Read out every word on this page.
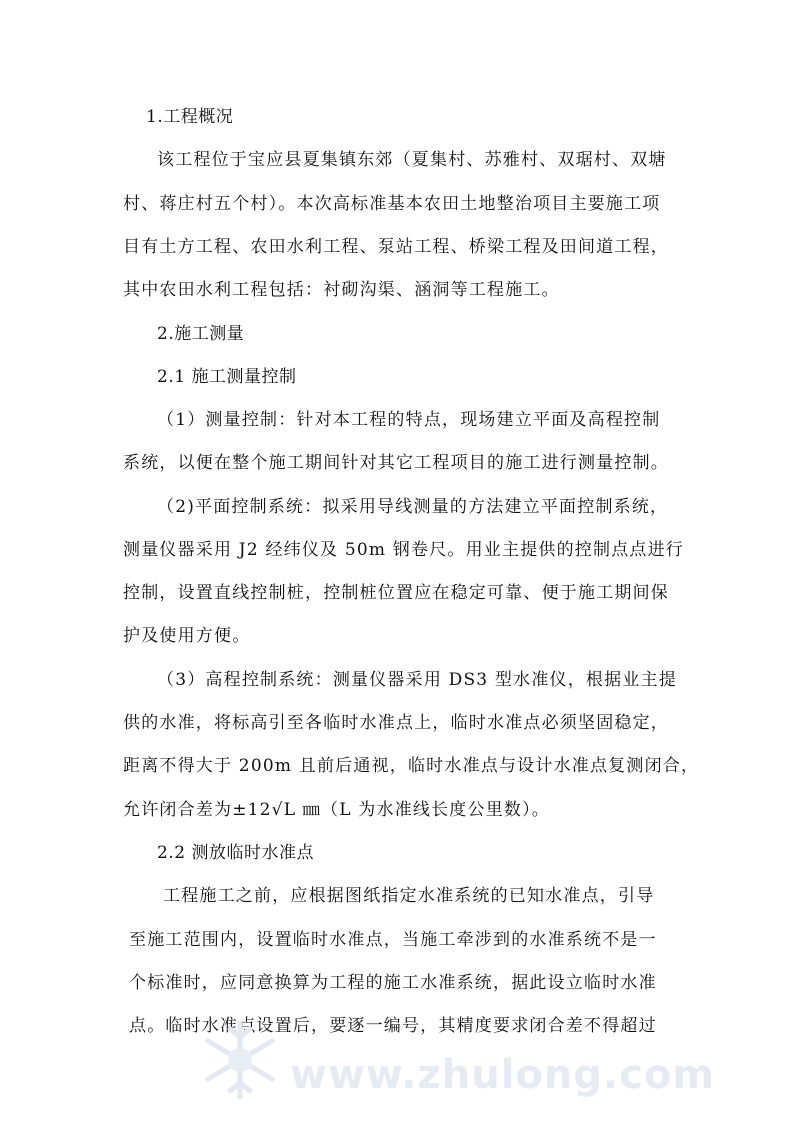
1.工程概况
该工程位于宝应县夏集镇东郊（夏集村、苏雅村、双琚村、双塘
村、蒋庄村五个村）。本次高标准基本农田土地整治项目主要施工项
目有土方工程、农田水利工程、泵站工程、桥梁工程及田间道工程，
其中农田水利工程包括：衬砌沟渠、涵洞等工程施工。
2.施工测量
2.1 施工测量控制
（1）测量控制：针对本工程的特点，现场建立平面及高程控制
系统，以便在整个施工期间针对其它工程项目的施工进行测量控制。
（2)平面控制系统：拟采用导线测量的方法建立平面控制系统，
测量仪器采用 J2 经纬仪及 50m 钢卷尺。用业主提供的控制点点进行
控制，设置直线控制桩，控制桩位置应在稳定可靠、便于施工期间保
护及使用方便。
（3）高程控制系统：测量仪器采用 DS3 型水准仪，根据业主提
供的水准，将标高引至各临时水准点上，临时水准点必须坚固稳定，
距离不得大于 200m 且前后通视，临时水准点与设计水准点复测闭合，
允许闭合差为±12√L ㎜（L 为水准线长度公里数）。
2.2 测放临时水准点
工程施工之前，应根据图纸指定水准系统的已知水准点，引导
至施工范围内，设置临时水准点，当施工牵涉到的水准系统不是一
个标准时，应同意换算为工程的施工水准系统，据此设立临时水准
点。临时水准点设置后，要逐一编号，其精度要求闭合差不得超过
www.zhulong.com
